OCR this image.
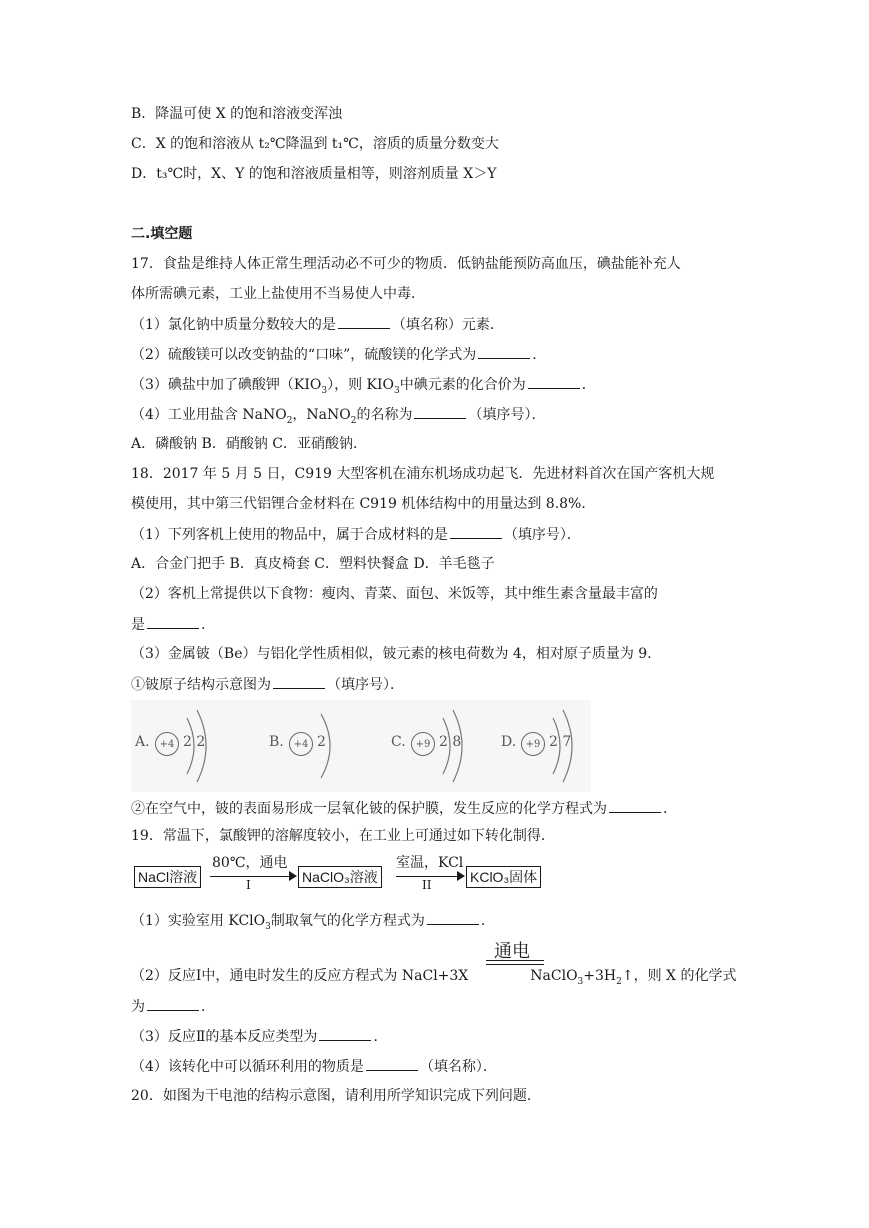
B．降温可使 X 的饱和溶液变浑浊
C．X 的饱和溶液从 t₂℃降温到 t₁℃，溶质的质量分数变大
D．t₃℃时，X、Y 的饱和溶液质量相等，则溶剂质量 X＞Y
二.填空题
17．食盐是维持人体正常生理活动必不可少的物质．低钠盐能预防高血压，碘盐能补充人
体所需碘元素，工业上盐使用不当易使人中毒．
（1）氯化钠中质量分数较大的是	（填名称）元素．
（2）硫酸镁可以改变钠盐的“口味”，硫酸镁的化学式为	．
（3）碘盐中加了碘酸钾$(KIO_3)$，则 $KIO_3$中碘元素的化合价为	．
（4）工业用盐含 NaNO$_2$，NaNO$_2$的名称为	（填序号）．
A．磷酸钠 B．硝酸钠 C．亚硝酸钠．
18．2017 年 5 月 5 日，C919 大型客机在浦东机场成功起飞．先进材料首次在国产客机大规
模使用，其中第三代铝锂合金材料在 C919 机体结构中的用量达到 8.8%．
（1）下列客机上使用的物品中，属于合成材料的是	（填序号）．
A．合金门把手 B．真皮椅套 C．塑料快餐盒 D．羊毛毯子
（2）客机上常提供以下食物：瘦肉、青菜、面包、米饭等，其中维生素含量最丰富的
是	．
（3）金属铍（Be）与铝化学性质相似，铍元素的核电荷数为 4，相对原子质量为 9．
①铍原子结构示意图为	（填序号）．
A.	+4 2 2	B. +4 2	C. +9 2 8	D. +9 2 7
②在空气中，铍的表面易形成一层氧化铍的保护膜，发生反应的化学方程式为	．
19．常温下，氯酸钾的溶解度较小，在工业上可通过如下转化制得．
NaCl溶液
80℃，通电
I	NaClO₃溶液
室温，KCl
II	KClO₃固体
（1）实验室用 KClO$_3$制取氧气的化学方程式为	．
通电
（2）反应Ⅰ中，通电时发生的反应方程式为 NaCl+3X	$NaClO_3+3H_2↑$，则 X 的化学式
为	．
（3）反应Ⅱ的基本反应类型为	．
（4）该转化中可以循环利用的物质是	（填名称）．
20．如图为干电池的结构示意图，请利用所学知识完成下列问题．
